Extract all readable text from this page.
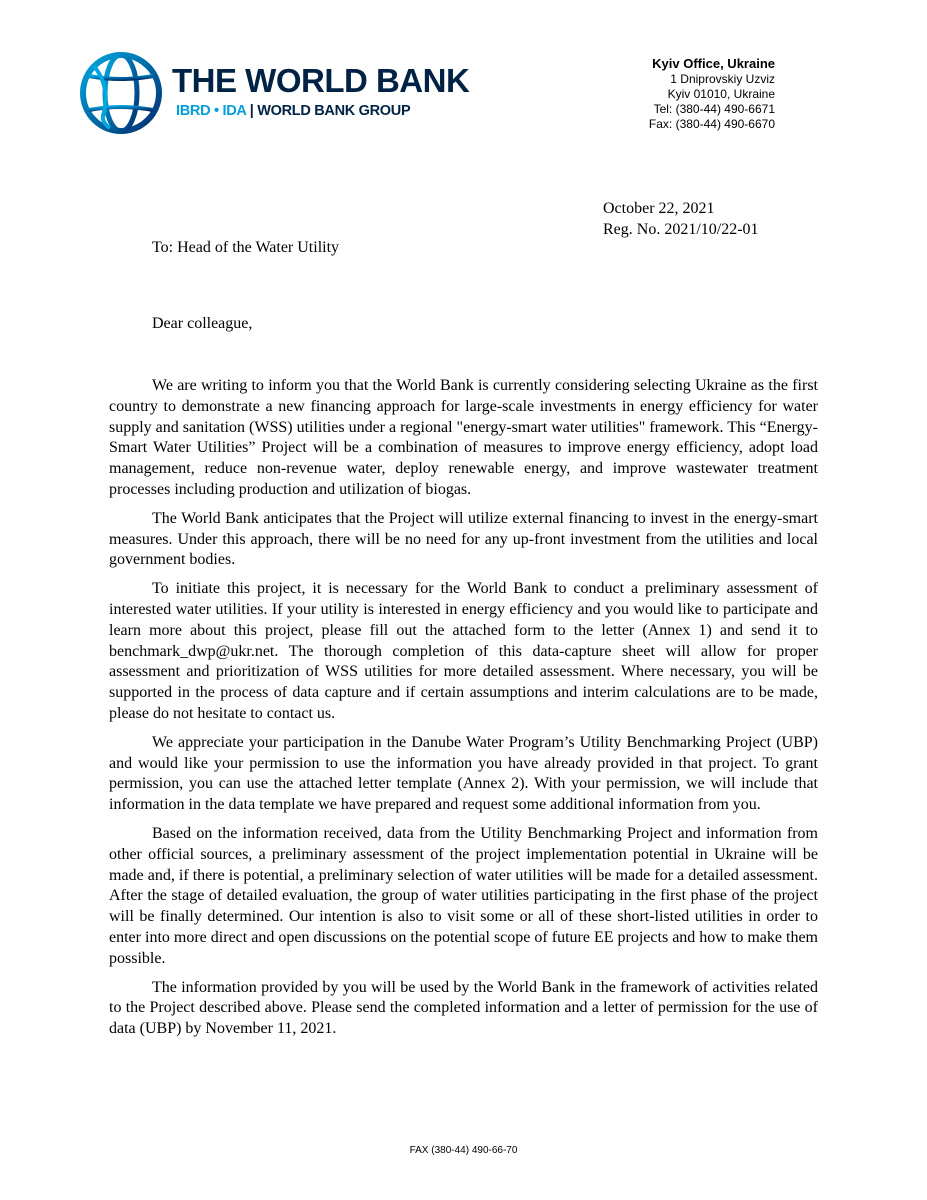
THE WORLD BANK
IBRD • IDA | WORLD BANK GROUP
Kyiv Office, Ukraine
1 Dniprovskiy Uzviz
Kyiv 01010, Ukraine
Tel: (380-44) 490-6671
Fax: (380-44) 490-6670
October 22, 2021
Reg. No. 2021/10/22-01
To: Head of the Water Utility
Dear colleague,

We are writing to inform you that the World Bank is currently considering selecting Ukraine as the first country to demonstrate a new financing approach for large-scale investments in energy efficiency for water supply and sanitation (WSS) utilities under a regional "energy-smart water utilities" framework. This “Energy-Smart Water Utilities” Project will be a combination of measures to improve energy efficiency, adopt load management, reduce non-revenue water, deploy renewable energy, and improve wastewater treatment processes including production and utilization of biogas.

The World Bank anticipates that the Project will utilize external financing to invest in the energy-smart measures. Under this approach, there will be no need for any up-front investment from the utilities and local government bodies.

To initiate this project, it is necessary for the World Bank to conduct a preliminary assessment of interested water utilities. If your utility is interested in energy efficiency and you would like to participate and learn more about this project, please fill out the attached form to the letter (Annex 1) and send it to benchmark_dwp@ukr.net. The thorough completion of this data-capture sheet will allow for proper assessment and prioritization of WSS utilities for more detailed assessment. Where necessary, you will be supported in the process of data capture and if certain assumptions and interim calculations are to be made, please do not hesitate to contact us.

We appreciate your participation in the Danube Water Program’s Utility Benchmarking Project (UBP) and would like your permission to use the information you have already provided in that project. To grant permission, you can use the attached letter template (Annex 2). With your permission, we will include that information in the data template we have prepared and request some additional information from you.

Based on the information received, data from the Utility Benchmarking Project and information from other official sources, a preliminary assessment of the project implementation potential in Ukraine will be made and, if there is potential, a preliminary selection of water utilities will be made for a detailed assessment. After the stage of detailed evaluation, the group of water utilities participating in the first phase of the project will be finally determined. Our intention is also to visit some or all of these short-listed utilities in order to enter into more direct and open discussions on the potential scope of future EE projects and how to make them possible.

The information provided by you will be used by the World Bank in the framework of activities related to the Project described above. Please send the completed information and a letter of permission for the use of data (UBP) by November 11, 2021.

FAX (380-44) 490-66-70
